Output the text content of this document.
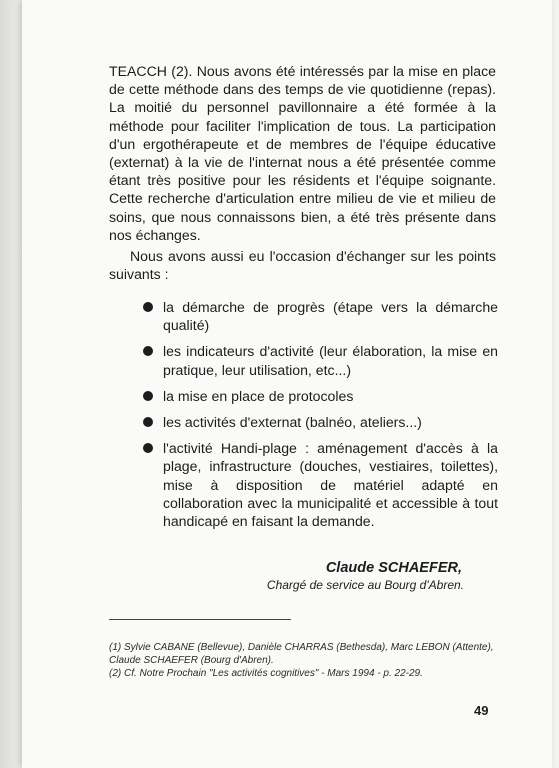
TEACCH (2). Nous avons été intéressés par la mise en place de cette méthode dans des temps de vie quotidienne (repas). La moitié du personnel pavillonnaire a été formée à la méthode pour faciliter l'implication de tous. La participation d'un ergothérapeute et de membres de l'équipe éducative (externat) à la vie de l'internat nous a été présentée comme étant très positive pour les résidents et l'équipe soignante. Cette recherche d'articulation entre milieu de vie et milieu de soins, que nous connaissons bien, a été très présente dans nos échanges.

Nous avons aussi eu l'occasion d'échanger sur les points suivants :

la démarche de progrès (étape vers la démarche qualité)
les indicateurs d'activité (leur élaboration, la mise en pratique, leur utilisation, etc...)
la mise en place de protocoles
les activités d'externat (balnéo, ateliers...)
l'activité Handi-plage : aménagement d'accès à la plage, infrastructure (douches, vestiaires, toilettes), mise à disposition de matériel adapté en collaboration avec la municipalité et accessible à tout handicapé en faisant la demande.

Claude SCHAEFER,

Chargé de service au Bourg d'Abren.

(1) Sylvie CABANE (Bellevue), Danièle CHARRAS (Bethesda), Marc LEBON (Attente), Claude SCHAEFER (Bourg d'Abren).

(2) Cf. Notre Prochain "Les activités cognitives" - Mars 1994 - p. 22-29.

49
